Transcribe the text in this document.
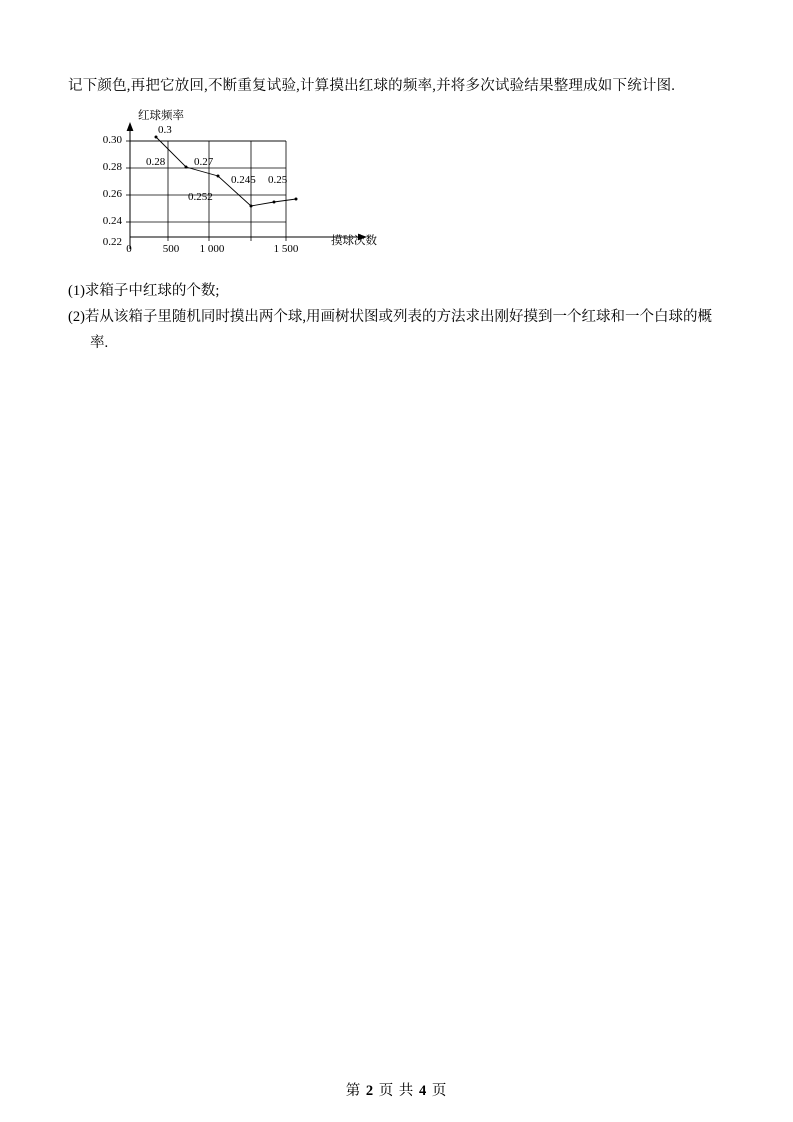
记下颜色,再把它放回,不断重复试验,计算摸出红球的频率,并将多次试验结果整理成如下统计图.
红球频率
摸球次数
0.30
0.28
0.26
0.24
0.22
0	500	1 000	1 500
0.3
0.28	0.27
0.252
0.245 0.25
(1)求箱子中红球的个数;
(2)若从该箱子里随机同时摸出两个球,用画树状图或列表的方法求出刚好摸到一个红球和一个白球的概率.
第 2 页 共 4 页
